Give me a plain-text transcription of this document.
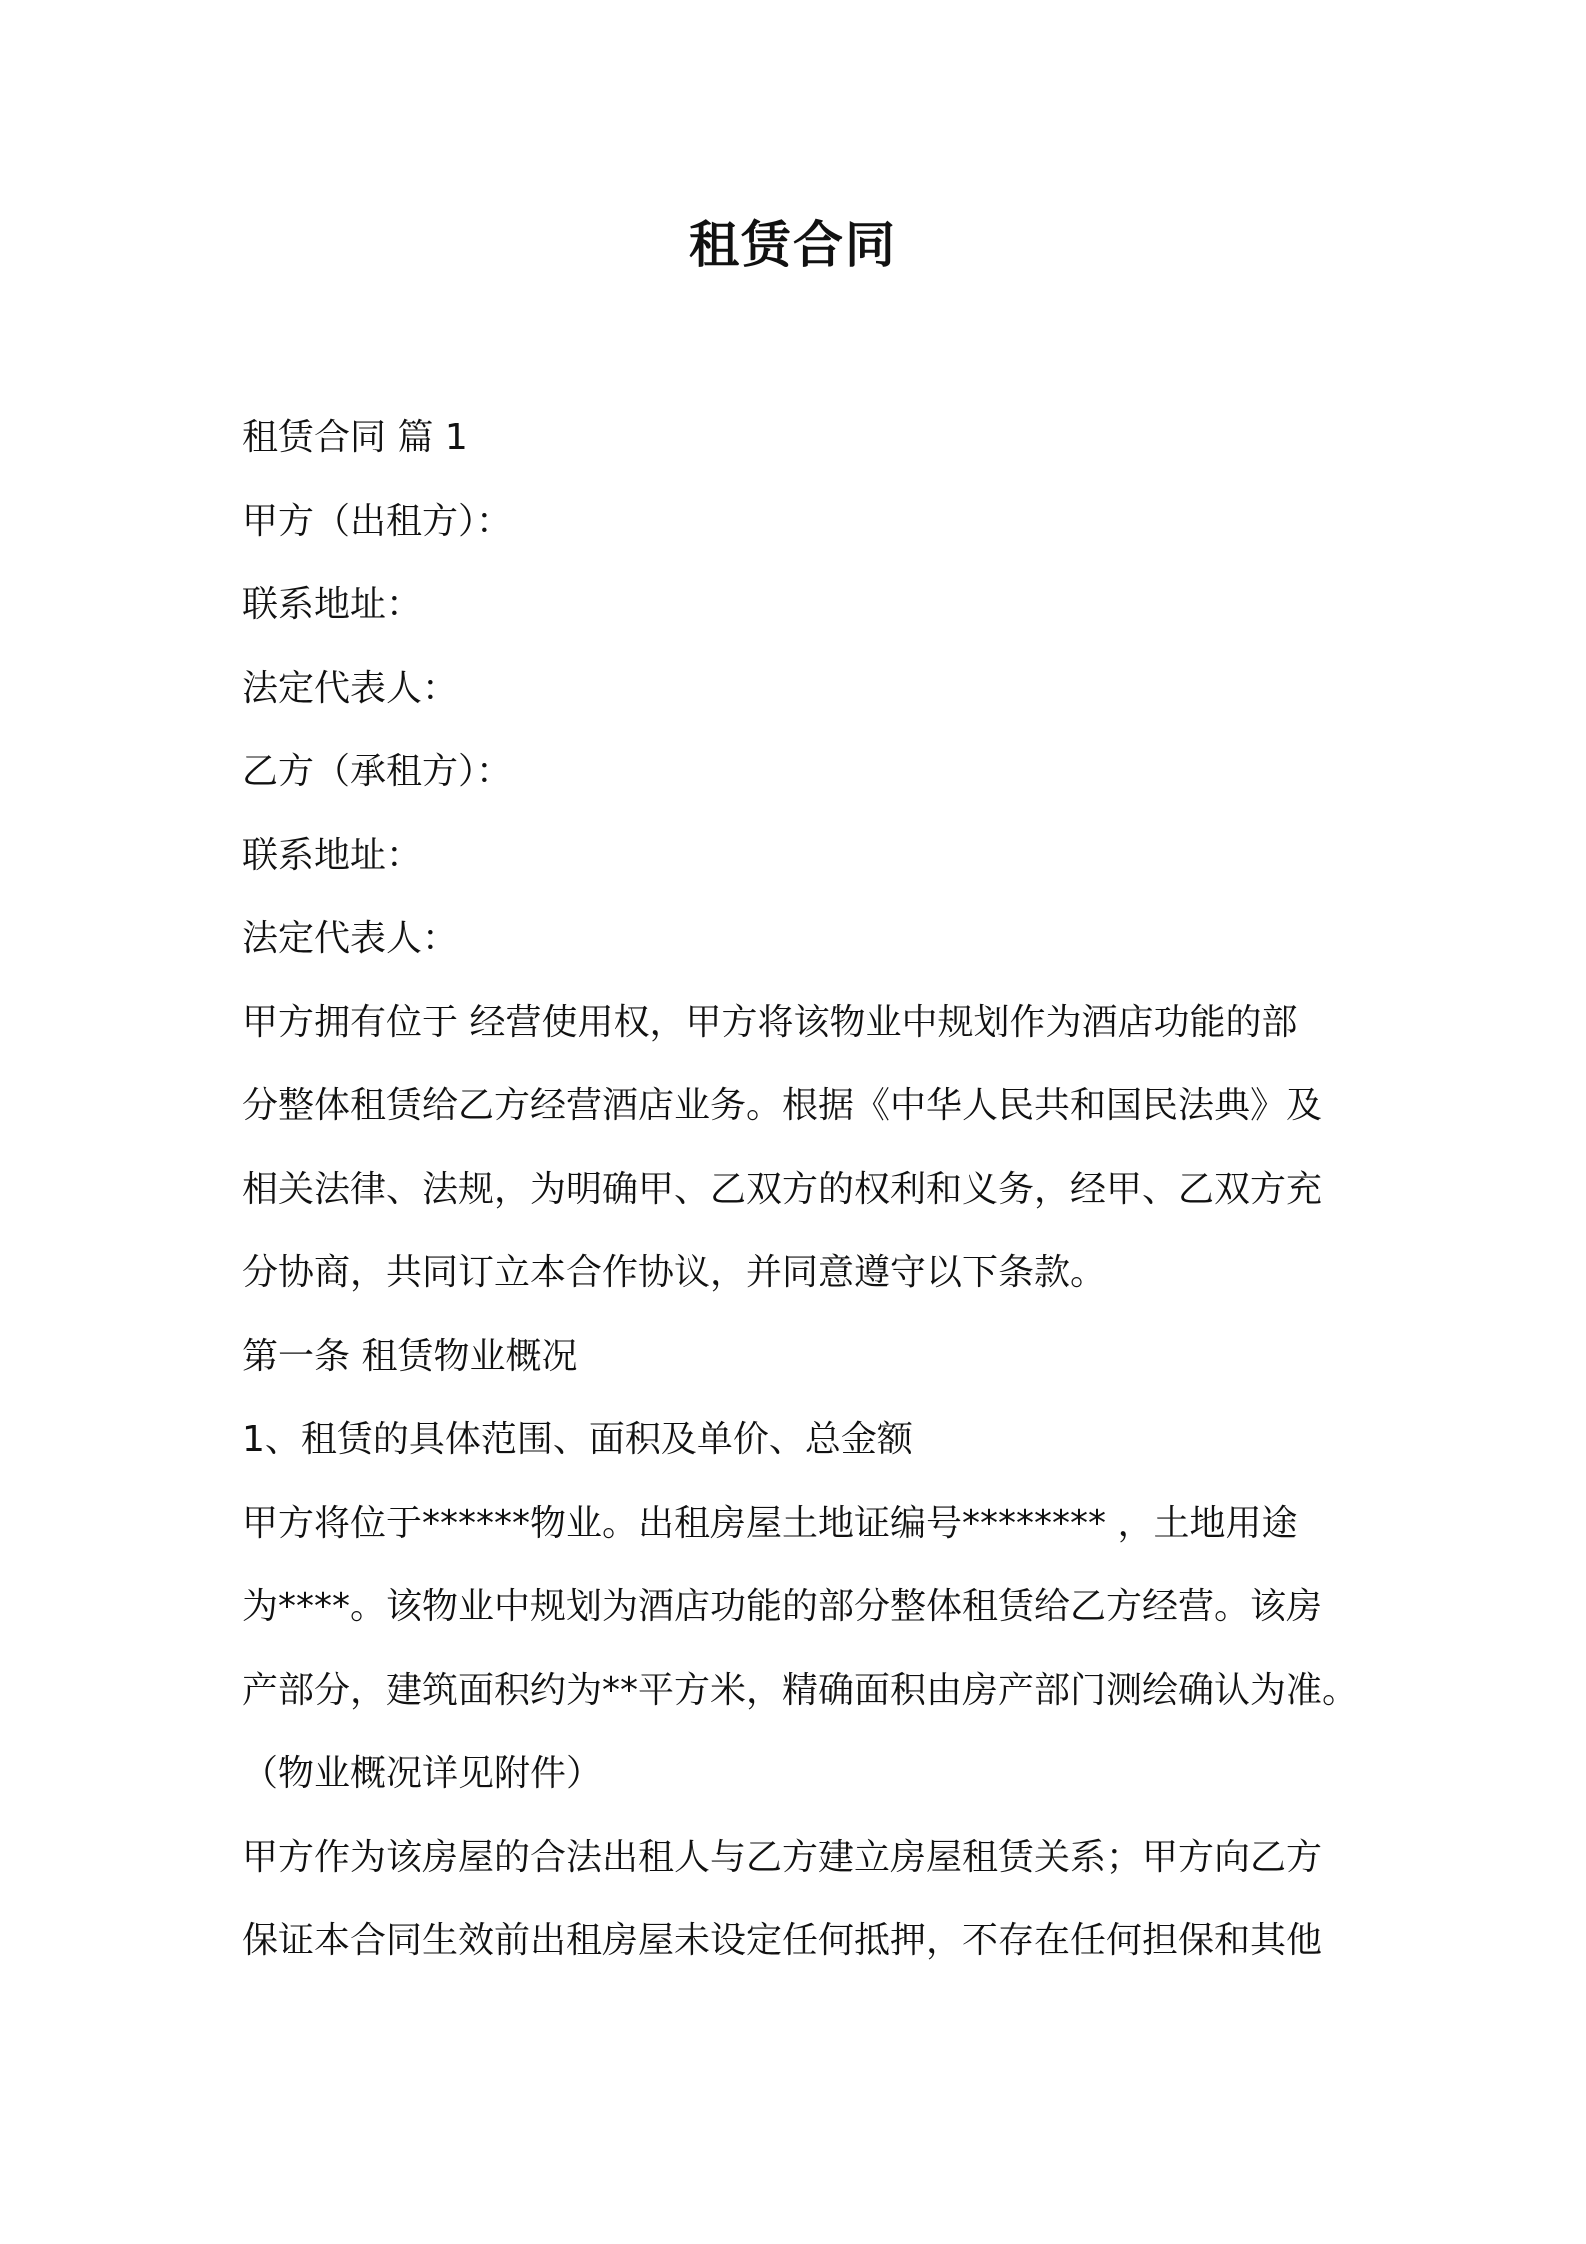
租赁合同
租赁合同 篇 1
甲方（出租方）：
联系地址：
法定代表人：
乙方（承租方）：
联系地址：
法定代表人：
甲方拥有位于 经营使用权，甲方将该物业中规划作为酒店功能的部
分整体租赁给乙方经营酒店业务。根据《中华人民共和国民法典》及
相关法律、法规，为明确甲、乙双方的权利和义务，经甲、乙双方充
分协商，共同订立本合作协议，并同意遵守以下条款。
第一条 租赁物业概况
1、租赁的具体范围、面积及单价、总金额
甲方将位于******物业。出租房屋土地证编号******** ，土地用途
为****。该物业中规划为酒店功能的部分整体租赁给乙方经营。该房
产部分，建筑面积约为**平方米，精确面积由房产部门测绘确认为准。
（物业概况详见附件）
甲方作为该房屋的合法出租人与乙方建立房屋租赁关系；甲方向乙方
保证本合同生效前出租房屋未设定任何抵押，不存在任何担保和其他
